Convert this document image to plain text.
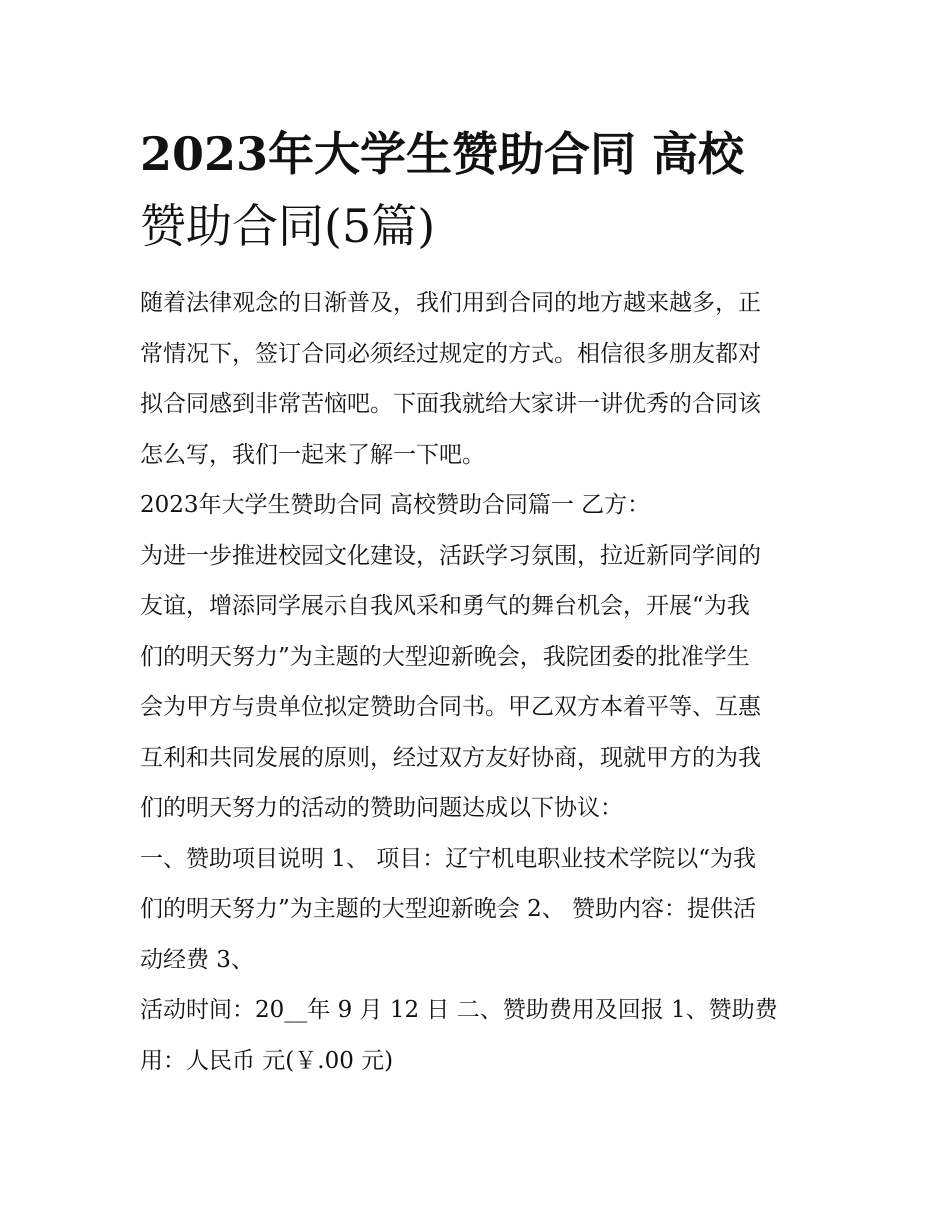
2023年大学生赞助合同 高校
赞助合同(5篇)

随着法律观念的日渐普及，我们用到合同的地方越来越多，正
常情况下，签订合同必须经过规定的方式。相信很多朋友都对
拟合同感到非常苦恼吧。下面我就给大家讲一讲优秀的合同该
怎么写，我们一起来了解一下吧。

2023年大学生赞助合同 高校赞助合同篇一 乙方：

为进一步推进校园文化建设，活跃学习氛围，拉近新同学间的
友谊，增添同学展示自我风采和勇气的舞台机会，开展“为我
们的明天努力”为主题的大型迎新晚会，我院团委的批准学生
会为甲方与贵单位拟定赞助合同书。甲乙双方本着平等、互惠
互利和共同发展的原则，经过双方友好协商，现就甲方的为我
们的明天努力的活动的赞助问题达成以下协议：

一、赞助项目说明 1、 项目：辽宁机电职业技术学院以“为我
们的明天努力”为主题的大型迎新晚会 2、 赞助内容：提供活
动经费 3、

活动时间：20__年 9 月 12 日 二、赞助费用及回报 1、赞助费
用：人民币 元(￥.00 元)
